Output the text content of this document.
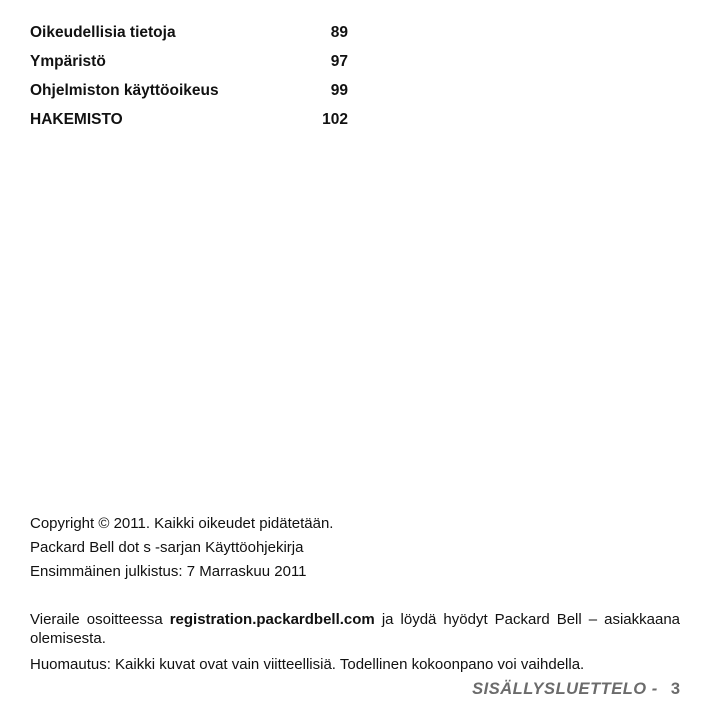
Oikeudellisia tietoja	89
Ympäristö	97
Ohjelmiston käyttöoikeus	99
HAKEMISTO	102

Copyright © 2011. Kaikki oikeudet pidätetään.

Packard Bell dot s -sarjan Käyttöohjekirja

Ensimmäinen julkistus: 7 Marraskuu 2011

Vieraile osoitteessa registration.packardbell.com ja löydä hyödyt Packard Bell – asiakkaana olemisesta.

Huomautus: Kaikki kuvat ovat vain viitteellisiä. Todellinen kokoonpano voi vaihdella.

SISÄLLYSLUETTELO - 3
